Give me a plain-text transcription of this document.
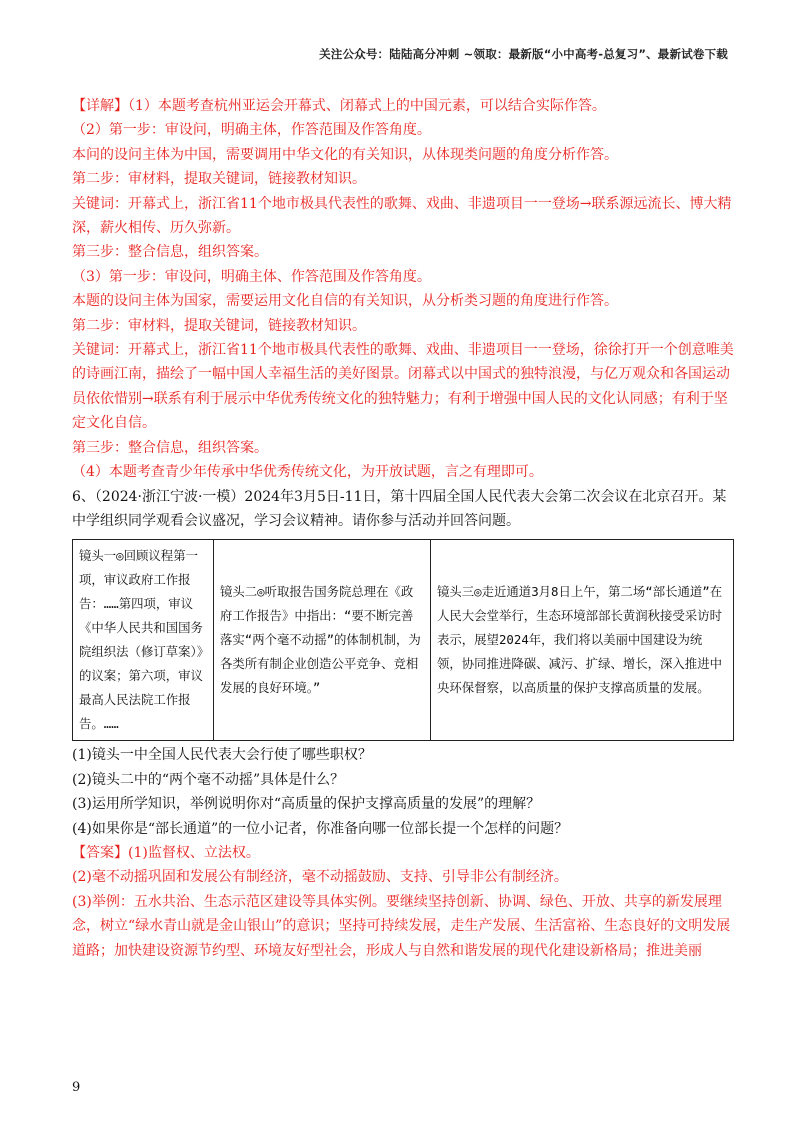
关注公众号：陆陆高分冲刺 ~领取：最新版“小中高考-总复习”、最新试卷下载
【详解】（1）本题考查杭州亚运会开幕式、闭幕式上的中国元素，可以结合实际作答。
（2）第一步：审设问，明确主体，作答范围及作答角度。
本问的设问主体为中国，需要调用中华文化的有关知识，从体现类问题的角度分析作答。
第二步：审材料，提取关键词，链接教材知识。
关键词：开幕式上，浙江省11个地市极具代表性的歌舞、戏曲、非遗项目一一登场→联系源远流长、博大精深，薪火相传、历久弥新。
第三步：整合信息，组织答案。
（3）第一步：审设问，明确主体、作答范围及作答角度。
本题的设问主体为国家，需要运用文化自信的有关知识，从分析类习题的角度进行作答。
第二步：审材料，提取关键词，链接教材知识。
关键词：开幕式上，浙江省11个地市极具代表性的歌舞、戏曲、非遗项目一一登场，徐徐打开一个创意唯美的诗画江南，描绘了一幅中国人幸福生活的美好图景。闭幕式以中国式的独特浪漫，与亿万观众和各国运动员依依惜别→联系有利于展示中华优秀传统文化的独特魅力；有利于增强中国人民的文化认同感；有利于坚定文化自信。
第三步：整合信息，组织答案。
（4）本题考查青少年传承中华优秀传统文化，为开放试题，言之有理即可。
6、（2024·浙江宁波·一模）2024年3月5日-11日，第十四届全国人民代表大会第二次会议在北京召开。某中学组织同学观看会议盛况，学习会议精神。请你参与活动并回答问题。
镜头一◎回顾议程第一项，审议政府工作报告：……第四项，审议《中华人民共和国国务院组织法（修订草案）》的议案；第六项，审议最高人民法院工作报告。……	镜头二◎听取报告国务院总理在《政府工作报告》中指出：“要不断完善落实“两个毫不动摇”的体制机制，为各类所有制企业创造公平竞争、竞相发展的良好环境。”	镜头三◎走近通道3月8日上午，第二场“部长通道”在人民大会堂举行，生态环境部部长黄润秋接受采访时表示，展望2024年，我们将以美丽中国建设为统领，协同推进降碳、减污、扩绿、增长，深入推进中央环保督察，以高质量的保护支撑高质量的发展。
(1)镜头一中全国人民代表大会行使了哪些职权？
(2)镜头二中的“两个毫不动摇”具体是什么？
(3)运用所学知识，举例说明你对“高质量的保护支撑高质量的发展”的理解？
(4)如果你是“部长通道”的一位小记者，你准备向哪一位部长提一个怎样的问题？
【答案】(1)监督权、立法权。
(2)毫不动摇巩固和发展公有制经济，毫不动摇鼓励、支持、引导非公有制经济。
(3)举例：五水共治、生态示范区建设等具体实例。要继续坚持创新、协调、绿色、开放、共享的新发展理念，树立“绿水青山就是金山银山”的意识；坚持可持续发展，走生产发展、生活富裕、生态良好的文明发展道路；加快建设资源节约型、环境友好型社会，形成人与自然和谐发展的现代化建设新格局；推进美丽
9
